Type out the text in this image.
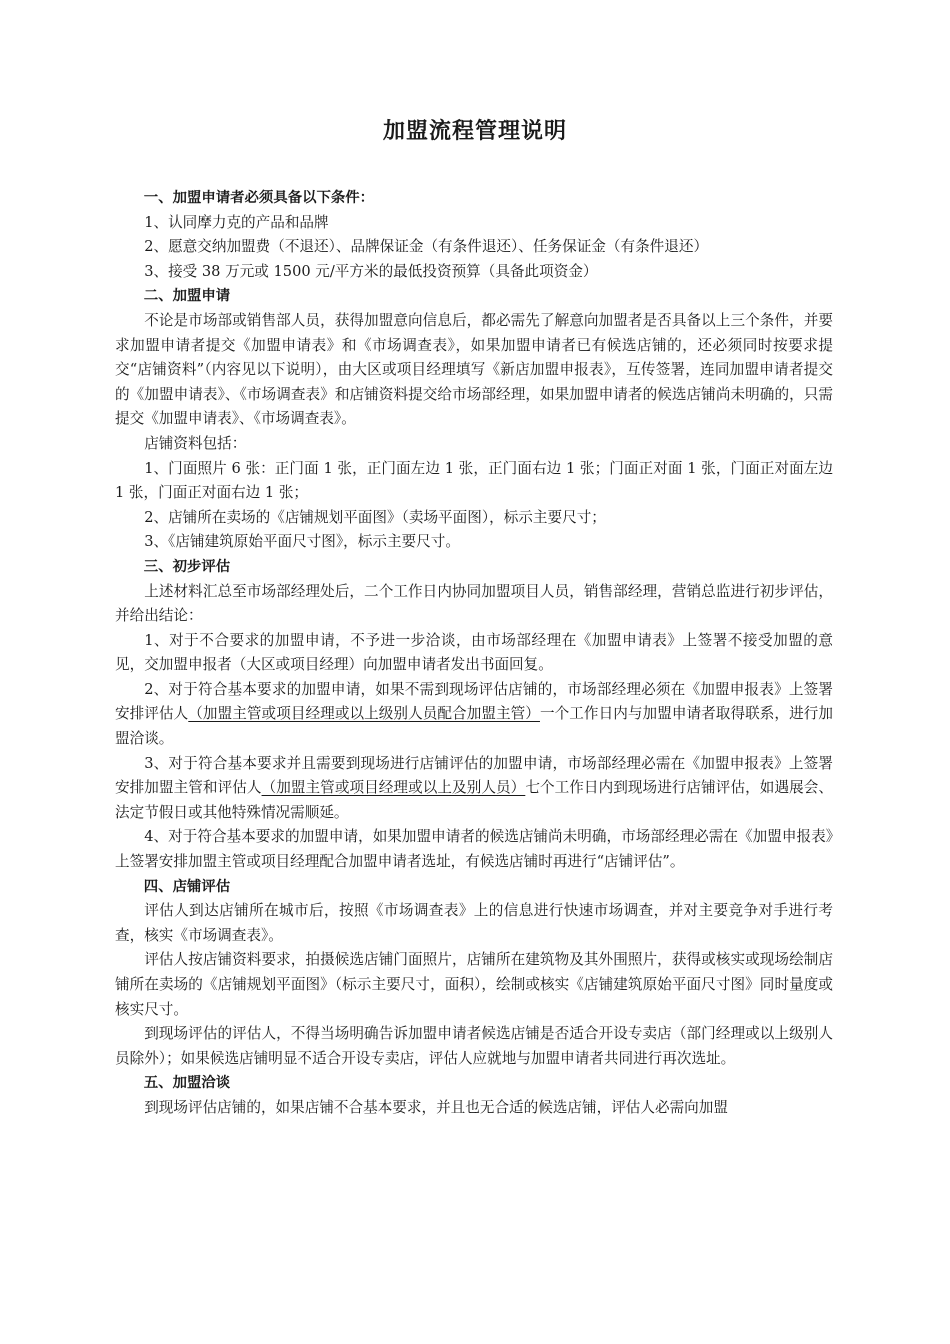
加盟流程管理说明

一、加盟申请者必须具备以下条件：

1、认同摩力克的产品和品牌

2、愿意交纳加盟费（不退还）、品牌保证金（有条件退还）、任务保证金（有条件退还）

3、接受 38 万元或 1500 元/平方米的最低投资预算（具备此项资金）

二、加盟申请

不论是市场部或销售部人员，获得加盟意向信息后，都必需先了解意向加盟者是否具备以上三个条件，并要求加盟申请者提交《加盟申请表》和《市场调查表》，如果加盟申请者已有候选店铺的，还必须同时按要求提交“店铺资料”（内容见以下说明），由大区或项目经理填写《新店加盟申报表》，互传签署，连同加盟申请者提交的《加盟申请表》、《市场调查表》和店铺资料提交给市场部经理，如果加盟申请者的候选店铺尚未明确的，只需提交《加盟申请表》、《市场调查表》。

店铺资料包括：

1、门面照片 6 张：正门面 1 张，正门面左边 1 张，正门面右边 1 张；门面正对面 1 张，门面正对面左边 1 张，门面正对面右边 1 张；

2、店铺所在卖场的《店铺规划平面图》（卖场平面图），标示主要尺寸；

3、《店铺建筑原始平面尺寸图》，标示主要尺寸。

三、初步评估

上述材料汇总至市场部经理处后，二个工作日内协同加盟项目人员，销售部经理，营销总监进行初步评估，并给出结论：

1、对于不合要求的加盟申请，不予进一步洽谈，由市场部经理在《加盟申请表》上签署不接受加盟的意见，交加盟申报者（大区或项目经理）向加盟申请者发出书面回复。

2、对于符合基本要求的加盟申请，如果不需到现场评估店铺的，市场部经理必须在《加盟申报表》上签署安排评估人（加盟主管或项目经理或以上级别人员配合加盟主管）一个工作日内与加盟申请者取得联系，进行加盟洽谈。

3、对于符合基本要求并且需要到现场进行店铺评估的加盟申请，市场部经理必需在《加盟申报表》上签署安排加盟主管和评估人（加盟主管或项目经理或以上及别人员）七个工作日内到现场进行店铺评估，如遇展会、法定节假日或其他特殊情况需顺延。

4、对于符合基本要求的加盟申请，如果加盟申请者的候选店铺尚未明确，市场部经理必需在《加盟申报表》上签署安排加盟主管或项目经理配合加盟申请者选址，有候选店铺时再进行“店铺评估”。

四、店铺评估

评估人到达店铺所在城市后，按照《市场调查表》上的信息进行快速市场调查，并对主要竞争对手进行考查，核实《市场调查表》。

评估人按店铺资料要求，拍摄候选店铺门面照片，店铺所在建筑物及其外围照片，获得或核实或现场绘制店铺所在卖场的《店铺规划平面图》（标示主要尺寸，面积），绘制或核实《店铺建筑原始平面尺寸图》同时量度或核实尺寸。

到现场评估的评估人，不得当场明确告诉加盟申请者候选店铺是否适合开设专卖店（部门经理或以上级别人员除外）；如果候选店铺明显不适合开设专卖店，评估人应就地与加盟申请者共同进行再次选址。

五、加盟洽谈

到现场评估店铺的，如果店铺不合基本要求，并且也无合适的候选店铺，评估人必需向加盟
